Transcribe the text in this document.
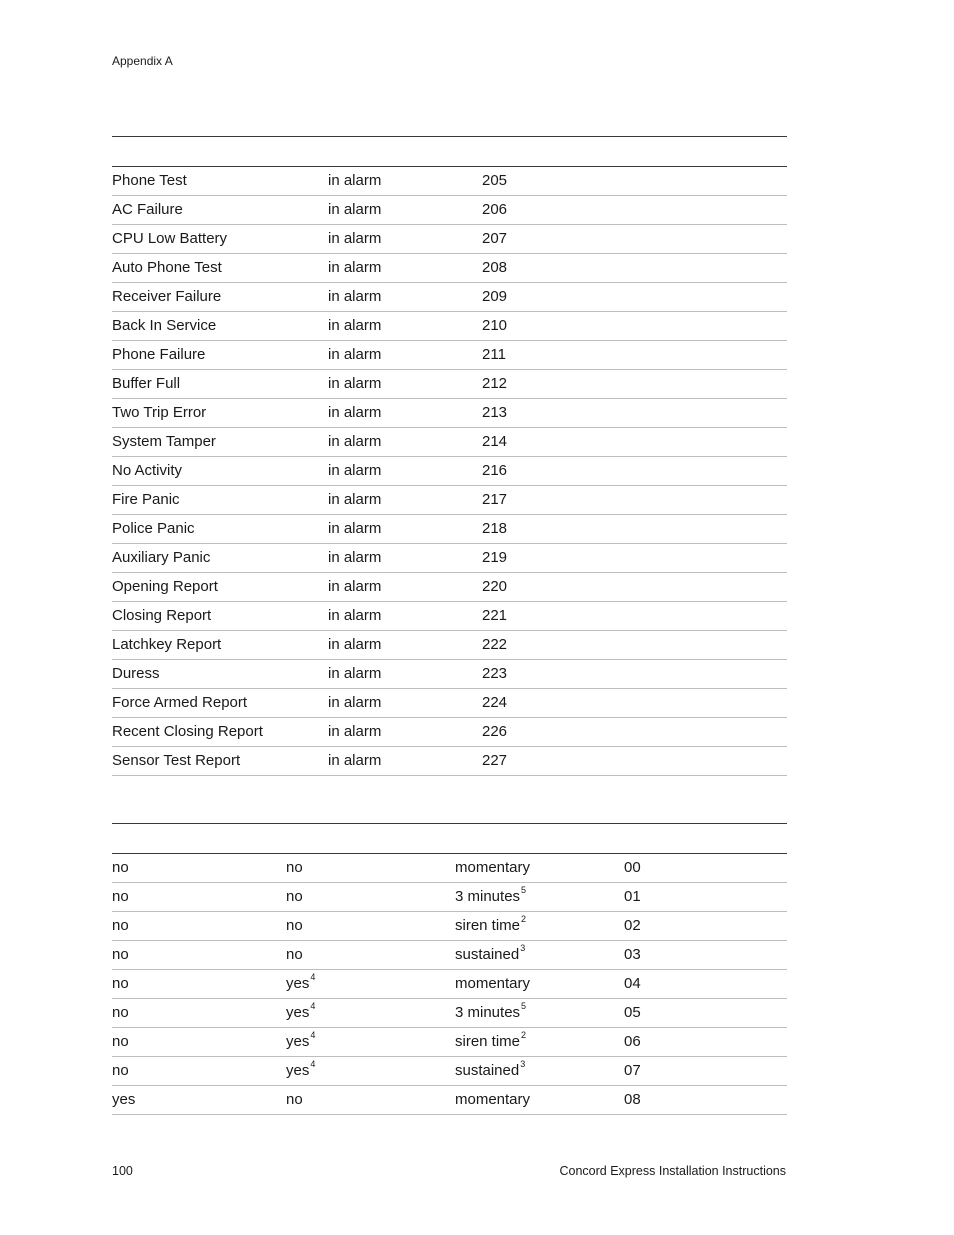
Appendix A
Phone Test	in alarm	205
AC Failure	in alarm	206
CPU Low Battery	in alarm	207
Auto Phone Test	in alarm	208
Receiver Failure	in alarm	209
Back In Service	in alarm	210
Phone Failure	in alarm	211
Buffer Full	in alarm	212
Two Trip Error	in alarm	213
System Tamper	in alarm	214
No Activity	in alarm	216
Fire Panic	in alarm	217
Police Panic	in alarm	218
Auxiliary Panic	in alarm	219
Opening Report	in alarm	220
Closing Report	in alarm	221
Latchkey Report	in alarm	222
Duress	in alarm	223
Force Armed Report	in alarm	224
Recent Closing Report	in alarm	226
Sensor Test Report	in alarm	227
no	no	momentary	00
no	no	3 minutes$^5$	01
no	no	siren time$^2$	02
no	no	sustained$^3$	03
no	yes$^4$	momentary	04
no	yes$^4$	3 minutes$^5$	05
no	yes$^4$	siren time$^2$	06
no	yes$^4$	sustained$^3$	07
yes	no	momentary	08
100	Concord Express Installation Instructions
